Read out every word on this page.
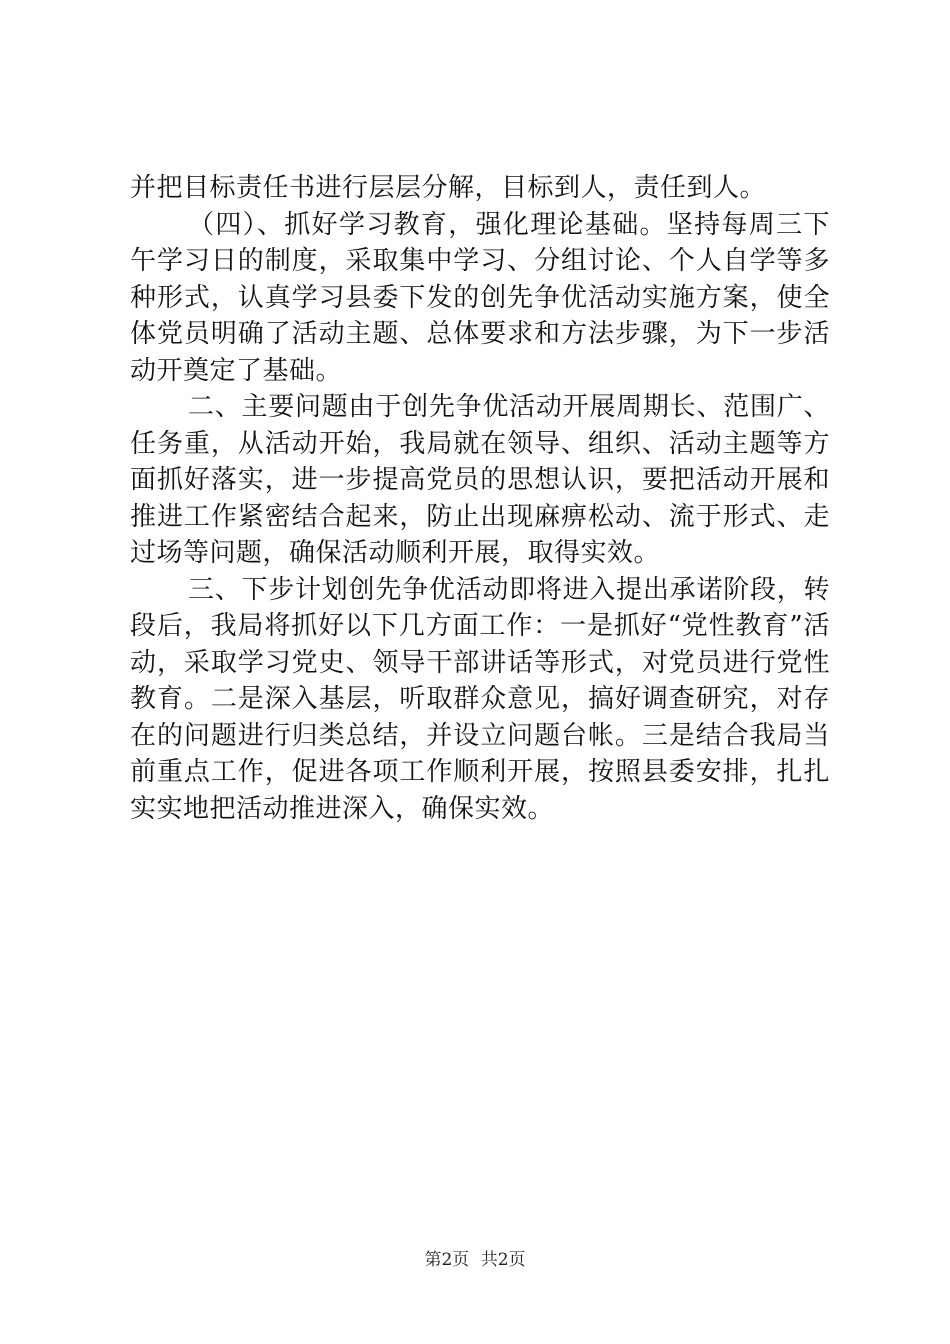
并把目标责任书进行层层分解，目标到人，责任到人。

（四）、抓好学习教育，强化理论基础。坚持每周三下午学习日的制度，采取集中学习、分组讨论、个人自学等多种形式，认真学习县委下发的创先争优活动实施方案，使全体党员明确了活动主题、总体要求和方法步骤，为下一步活动开奠定了基础。

二、主要问题由于创先争优活动开展周期长、范围广、任务重，从活动开始，我局就在领导、组织、活动主题等方面抓好落实，进一步提高党员的思想认识，要把活动开展和推进工作紧密结合起来，防止出现麻痹松动、流于形式、走过场等问题，确保活动顺利开展，取得实效。

三、下步计划创先争优活动即将进入提出承诺阶段，转段后，我局将抓好以下几方面工作：一是抓好“党性教育”活动，采取学习党史、领导干部讲话等形式，对党员进行党性教育。二是深入基层，听取群众意见，搞好调查研究，对存在的问题进行归类总结，并设立问题台帐。三是结合我局当前重点工作，促进各项工作顺利开展，按照县委安排，扎扎实实地把活动推进深入，确保实效。

第2页 共2页
